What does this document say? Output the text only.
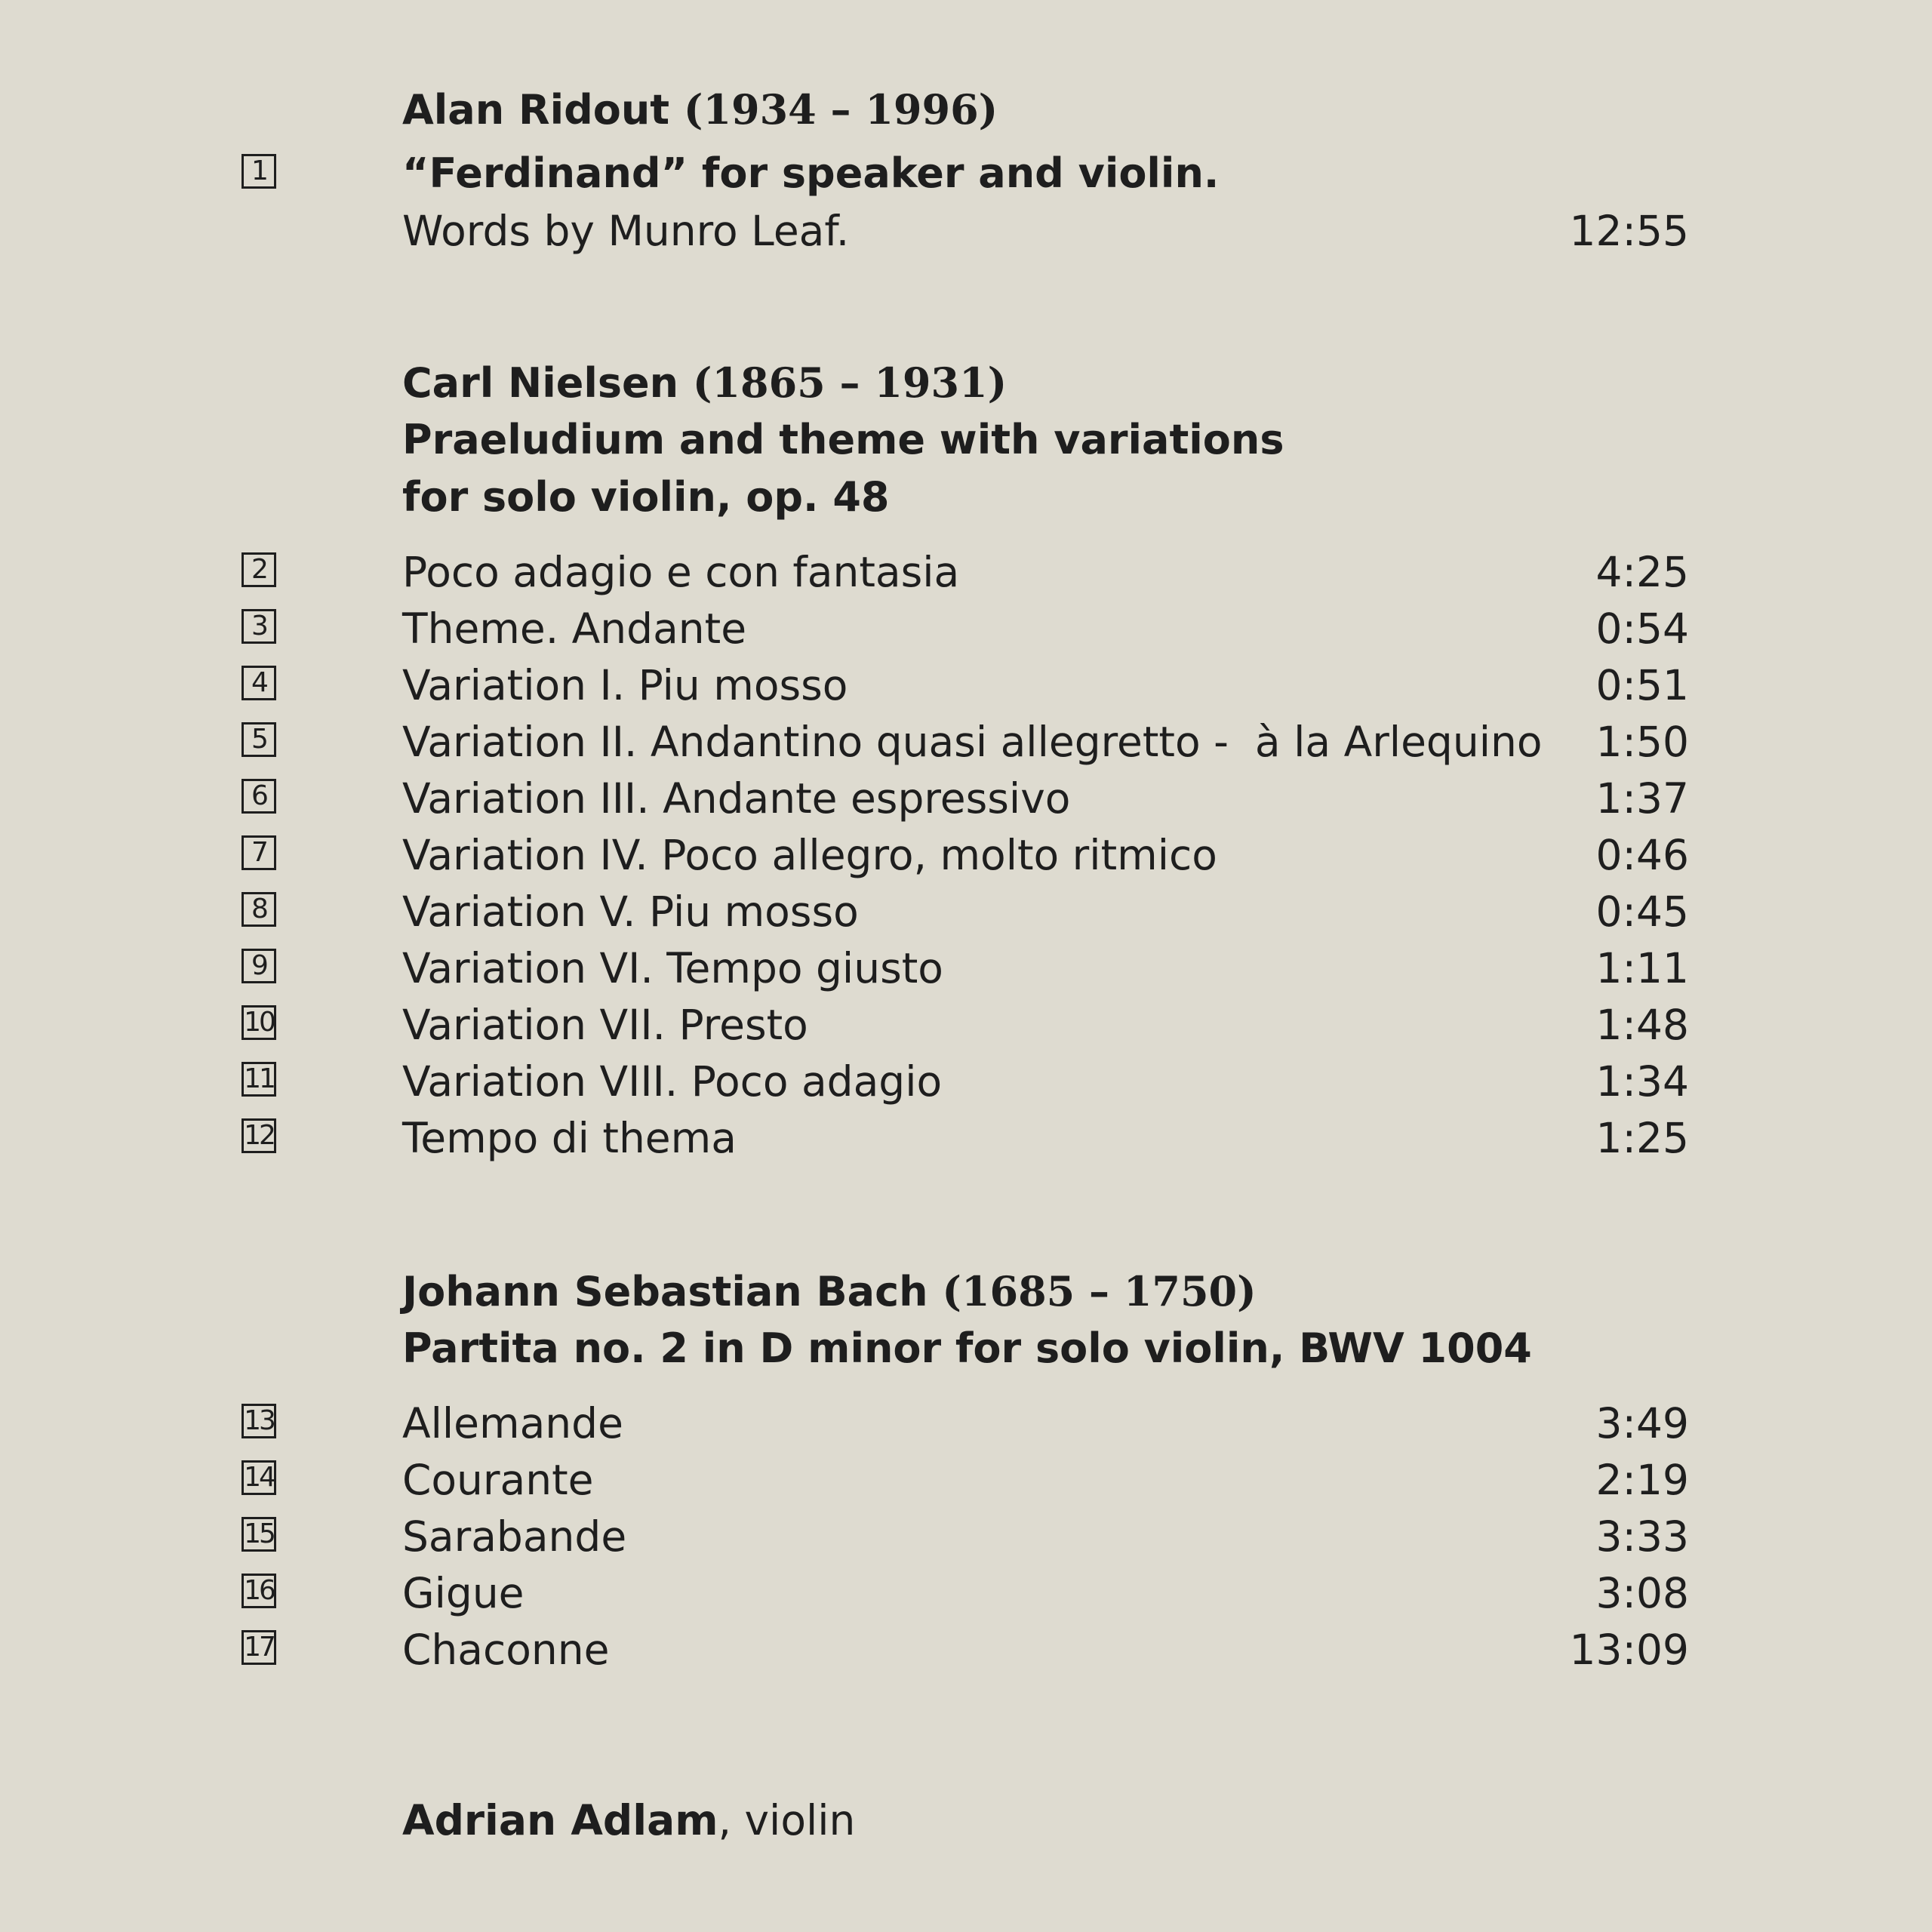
Alan Ridout (1934 – 1996)
1	“Ferdinand” for speaker and violin.
Words by Munro Leaf.	12:55
Carl Nielsen (1865 – 1931)
Praeludium and theme with variations
for solo violin, op. 48
2	Poco adagio e con fantasia	4:25
3	Theme. Andante	0:54
4	Variation I. Piu mosso	0:51
5	Variation II. Andantino quasi allegretto -  à la Arlequino 1:50
6	Variation III. Andante espressivo	1:37
7	Variation IV. Poco allegro, molto ritmico	0:46
8	Variation V. Piu mosso	0:45
9	Variation VI. Tempo giusto	1:11
10	Variation VII. Presto	1:48
11	Variation VIII. Poco adagio	1:34
12	Tempo di thema	1:25
Johann Sebastian Bach (1685 – 1750)
Partita no. 2 in D minor for solo violin, BWV 1004
13	Allemande	3:49
14	Courante	2:19
15	Sarabande	3:33
16	Gigue	3:08
17	Chaconne	13:09
Adrian Adlam, violin
